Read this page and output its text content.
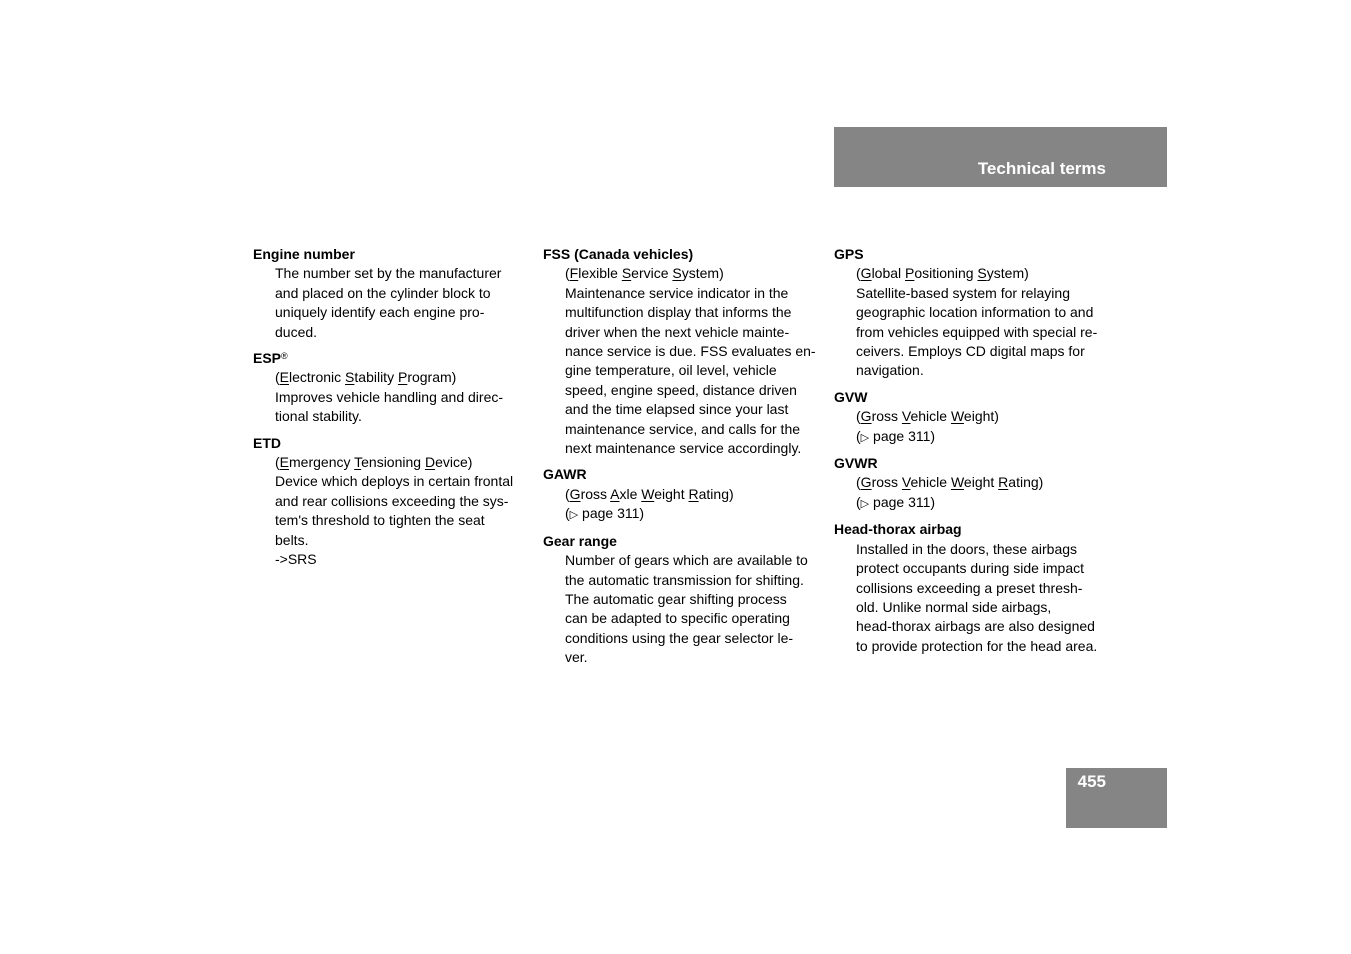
Technical terms
Engine number
The number set by the manufacturer
and placed on the cylinder block to
uniquely identify each engine pro-
duced.
ESP®
(Electronic Stability Program)
Improves vehicle handling and direc-
tional stability.
ETD
(Emergency Tensioning Device)
Device which deploys in certain frontal
and rear collisions exceeding the sys-
tem's threshold to tighten the seat
belts.
->SRS
FSS (Canada vehicles)
(Flexible Service System)
Maintenance service indicator in the
multifunction display that informs the
driver when the next vehicle mainte-
nance service is due. FSS evaluates en-
gine temperature, oil level, vehicle
speed, engine speed, distance driven
and the time elapsed since your last
maintenance service, and calls for the
next maintenance service accordingly.
GAWR
(Gross Axle Weight Rating)
(▷ page 311)
Gear range
Number of gears which are available to
the automatic transmission for shifting.
The automatic gear shifting process
can be adapted to specific operating
conditions using the gear selector le-
ver.
GPS
(Global Positioning System)
Satellite-based system for relaying
geographic location information to and
from vehicles equipped with special re-
ceivers. Employs CD digital maps for
navigation.
GVW
(Gross Vehicle Weight)
(▷ page 311)
GVWR
(Gross Vehicle Weight Rating)
(▷ page 311)
Head-thorax airbag
Installed in the doors, these airbags
protect occupants during side impact
collisions exceeding a preset thresh-
old. Unlike normal side airbags,
head-thorax airbags are also designed
to provide protection for the head area.
455
